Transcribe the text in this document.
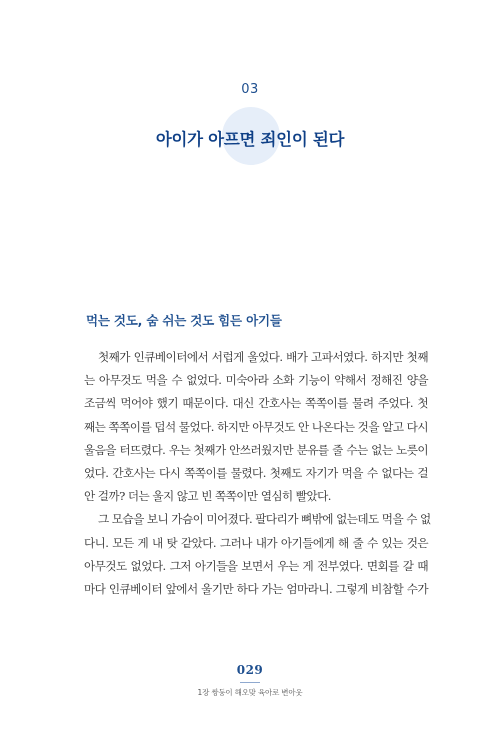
03
아이가 아프면 죄인이 된다
먹는 것도, 숨 쉬는 것도 힘든 아기들
첫째가 인큐베이터에서 서럽게 울었다. 배가 고파서였다. 하지만 첫째
는 아무것도 먹을 수 없었다. 미숙아라 소화 기능이 약해서 정해진 양을
조금씩 먹어야 했기 때문이다. 대신 간호사는 쪽쪽이를 물려 주었다. 첫
째는 쪽쪽이를 덥석 물었다. 하지만 아무것도 안 나온다는 것을 알고 다시
울음을 터뜨렸다. 우는 첫째가 안쓰러웠지만 분유를 줄 수는 없는 노릇이
었다. 간호사는 다시 쪽쪽이를 물렸다. 첫째도 자기가 먹을 수 없다는 걸
안 걸까? 더는 울지 않고 빈 쪽쪽이만 열심히 빨았다.
그 모습을 보니 가슴이 미어졌다. 팔다리가 뼈밖에 없는데도 먹을 수 없
다니. 모든 게 내 탓 같았다. 그러나 내가 아기들에게 해 줄 수 있는 것은
아무것도 없었다. 그저 아기들을 보면서 우는 게 전부였다. 면회를 갈 때
마다 인큐베이터 앞에서 울기만 하다 가는 엄마라니. 그렇게 비참할 수가
029
1장 쌍둥이 해오맞 육아로 변아웃
